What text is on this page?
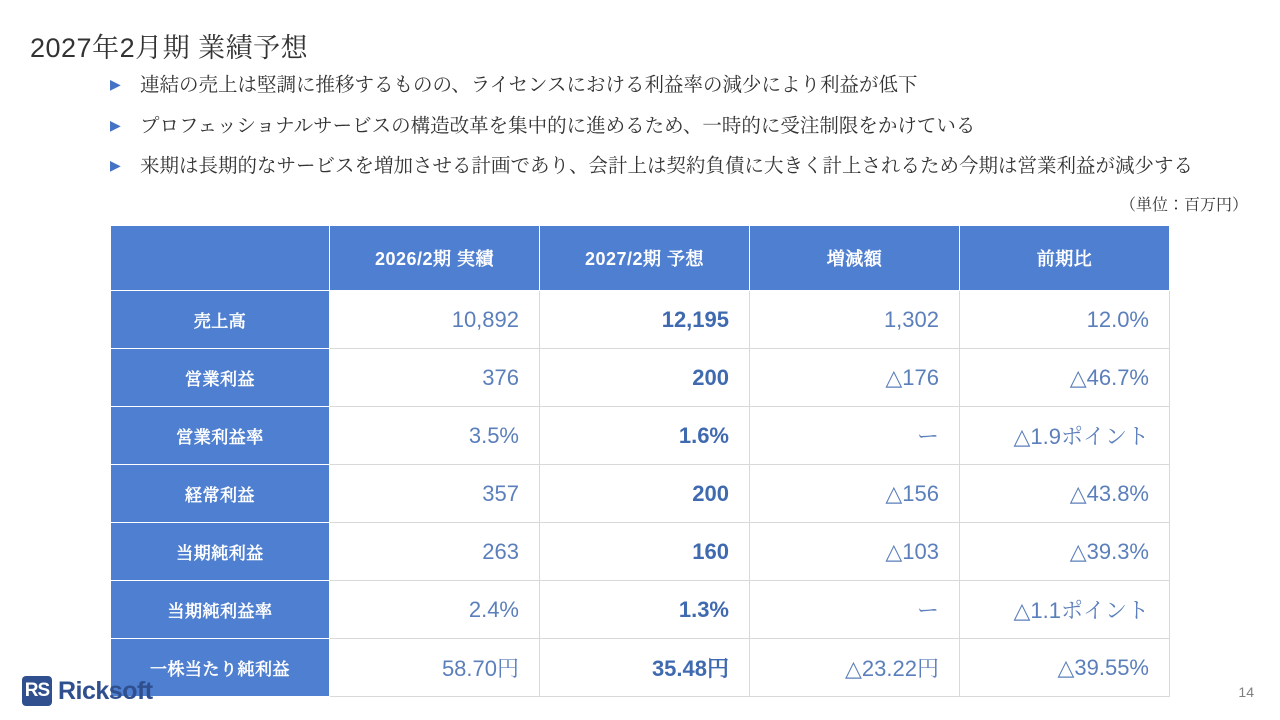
2027年2月期 業績予想
▶ 連結の売上は堅調に推移するものの、ライセンスにおける利益率の減少により利益が低下
▶ プロフェッショナルサービスの構造改革を集中的に進めるため、一時的に受注制限をかけている
▶ 来期は長期的なサービスを増加させる計画であり、会計上は契約負債に大きく計上されるため今期は営業利益が減少する
（単位：百万円）
	2026/2期 実績	2027/2期 予想	増減額	前期比
売上高	10,892	12,195	1,302	12.0%
営業利益	376	200	△176	△46.7%
営業利益率	3.5%	1.6%	ー	△1.9ポイント
経常利益	357	200	△156	△43.8%
当期純利益	263	160	△103	△39.3%
当期純利益率	2.4%	1.3%	ー	△1.1ポイント
一株当たり純利益	58.70円	35.48円	△23.22円	△39.55%
RS Ricksoft	14
